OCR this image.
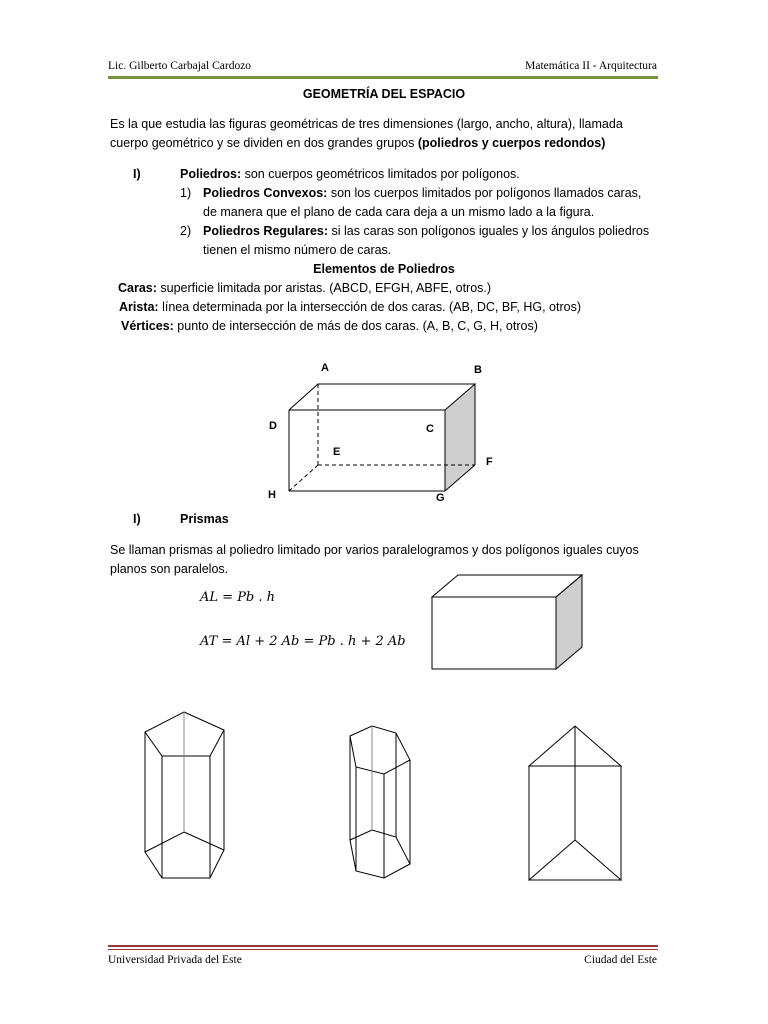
Lic. Gilberto Carbajal Cardozo	Matemática II - Arquitectura
GEOMETRÍA DEL ESPACIO
Es la que estudia las figuras geométricas de tres dimensiones (largo, ancho, altura), llamada
cuerpo geométrico y se dividen en dos grandes grupos (poliedros y cuerpos redondos)
I)	Poliedros: son cuerpos geométricos limitados por polígonos.
1) Poliedros Convexos: son los cuerpos limitados por polígonos llamados caras,
de manera que el plano de cada cara deja a un mismo lado a la figura.
2) Poliedros Regulares: si las caras son polígonos iguales y los ángulos poliedros
tienen el mismo número de caras.
Elementos de Poliedros
Caras: superficie limitada por aristas. (ABCD, EFGH, ABFE, otros.)
Arista: línea determinada por la intersección de dos caras. (AB, DC, BF, HG, otros)
Vértices: punto de intersección de más de dos caras. (A, B, C, G, H, otros)
A	B
C
D
E
F
G
H
I)	Prismas
Se llaman prismas al poliedro limitado por varios paralelogramos y dos polígonos iguales cuyos
planos son paralelos.
AL = Pb . h
AT = Al + 2 Ab = Pb . h + 2 Ab
Universidad Privada del Este	Ciudad del Este
